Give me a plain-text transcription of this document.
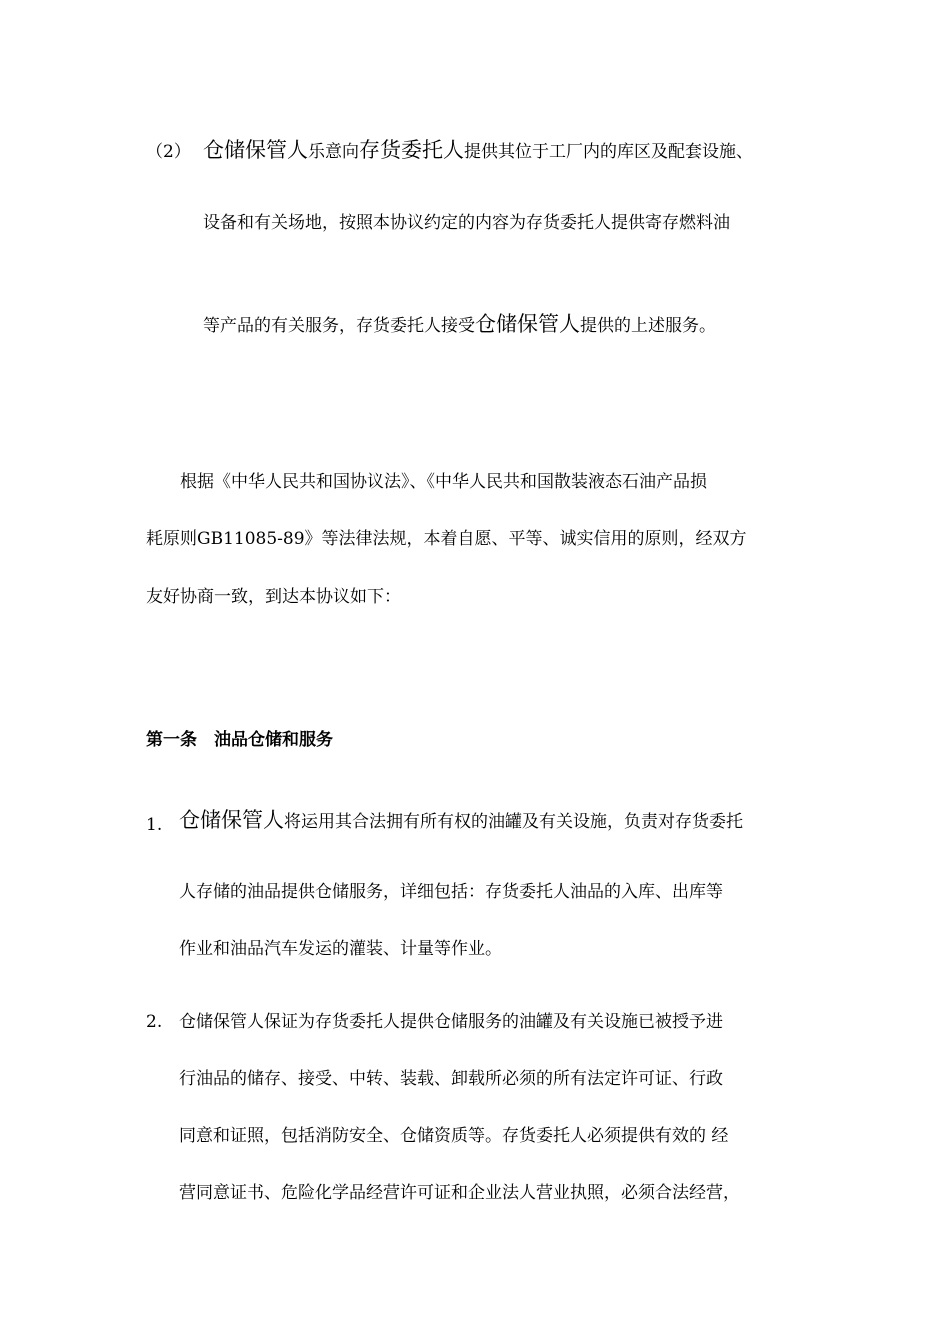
（2） 仓储保管人乐意向存货委托人提供其位于工厂内的库区及配套设施、
设备和有关场地，按照本协议约定的内容为存货委托人提供寄存燃料油
等产品的有关服务，存货委托人接受仓储保管人提供的上述服务。
根据《中华人民共和国协议法》、《中华人民共和国散装液态石油产品损
耗原则GB11085-89》等法律法规，本着自愿、平等、诚实信用的原则，经双方
友好协商一致，到达本协议如下：
第一条　油品仓储和服务
1. 仓储保管人将运用其合法拥有所有权的油罐及有关设施，负责对存货委托
人存储的油品提供仓储服务，详细包括：存货委托人油品的入库、出库等
作业和油品汽车发运的灌装、计量等作业。
2. 仓储保管人保证为存货委托人提供仓储服务的油罐及有关设施已被授予进
行油品的储存、接受、中转、装载、卸载所必须的所有法定许可证、行政
同意和证照，包括消防安全、仓储资质等。存货委托人必须提供有效的 经
营同意证书、危险化学品经营许可证和企业法人营业执照，必须合法经营，
